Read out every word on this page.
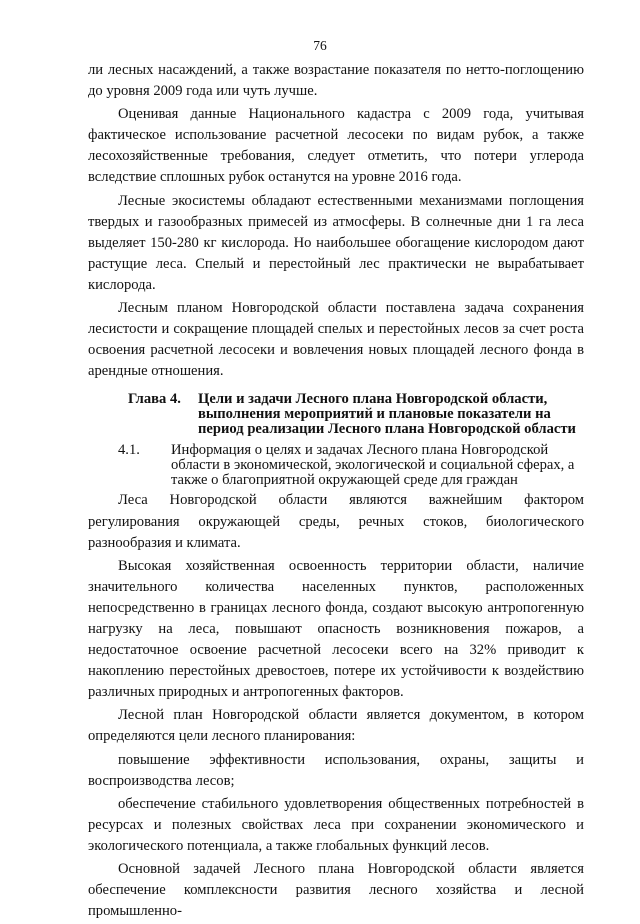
76

ли лесных насаждений, а также возрастание показателя по нетто-поглощению до уровня 2009 года или чуть лучше.

Оценивая данные Национального кадастра с 2009 года, учитывая фактическое использование расчетной лесосеки по видам рубок, а также лесохозяйственные требования, следует отметить, что потери углерода вследствие сплошных рубок останутся на уровне 2016 года.

Лесные экосистемы обладают естественными механизмами поглощения твердых и газообразных примесей из атмосферы. В солнечные дни 1 га леса выделяет 150-280 кг кислорода. Но наибольшее обогащение кислородом дают растущие леса. Спелый и перестойный лес практически не вырабатывает кислорода.

Лесным планом Новгородской области поставлена задача сохранения лесистости и сокращение площадей спелых и перестойных лесов за счет роста освоения расчетной лесосеки и вовлечения новых площадей лесного фонда в арендные отношения.

Глава 4.	Цели и задачи Лесного плана Новгородской области, выполнения мероприятий и плановые показатели на период реализации Лесного плана Новгородской области
4.1.	Информация о целях и задачах Лесного плана Новгородской области в экономической, экологической и социальной сферах, а также о благоприятной окружающей среде для граждан

Леса Новгородской области являются важнейшим фактором регулирования окружающей среды, речных стоков, биологического разнообразия и климата.

Высокая хозяйственная освоенность территории области, наличие значительного количества населенных пунктов, расположенных непосредственно в границах лесного фонда, создают высокую антропогенную нагрузку на леса, повышают опасность возникновения пожаров, а недостаточное освоение расчетной лесосеки всего на 32% приводит к накоплению перестойных древостоев, потере их устойчивости к воздействию различных природных и антропогенных факторов.

Лесной план Новгородской области является документом, в котором определяются цели лесного планирования:

повышение эффективности использования, охраны, защиты и воспроизводства лесов;

обеспечение стабильного удовлетворения общественных потребностей в ресурсах и полезных свойствах леса при сохранении экономического и экологического потенциала, а также глобальных функций лесов.

Основной задачей Лесного плана Новгородской области является обеспечение комплексности развития лесного хозяйства и лесной промышленно-
